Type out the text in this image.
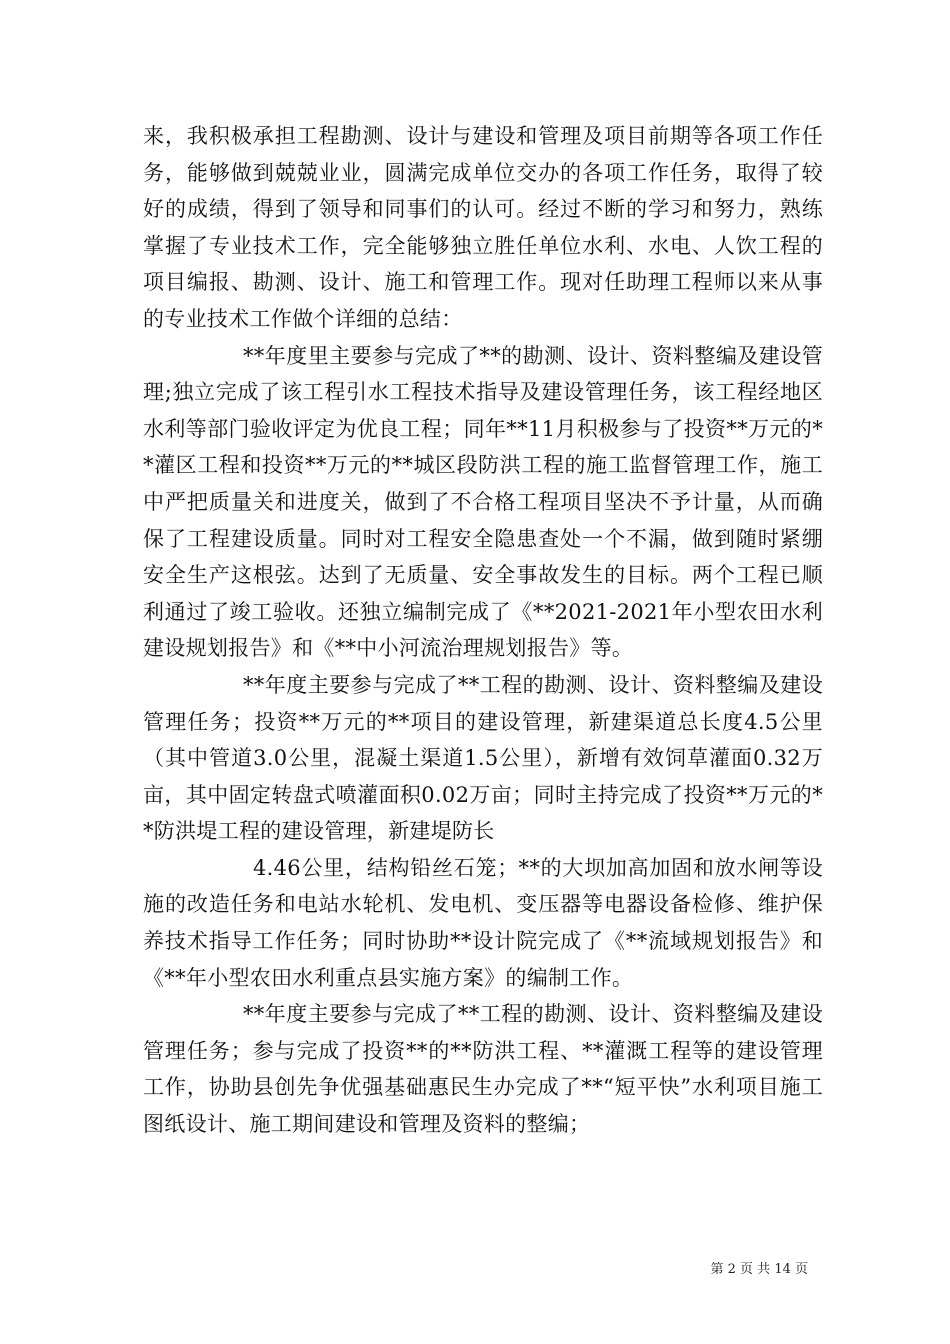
来，我积极承担工程勘测、设计与建设和管理及项目前期等各项工作任务，能够做到兢兢业业，圆满完成单位交办的各项工作任务，取得了较好的成绩，得到了领导和同事们的认可。经过不断的学习和努力，熟练掌握了专业技术工作，完全能够独立胜任单位水利、水电、人饮工程的项目编报、勘测、设计、施工和管理工作。现对任助理工程师以来从事的专业技术工作做个详细的总结：

**年度里主要参与完成了**的勘测、设计、资料整编及建设管理;独立完成了该工程引水工程技术指导及建设管理任务，该工程经地区水利等部门验收评定为优良工程；同年**11月积极参与了投资**万元的**灌区工程和投资**万元的**城区段防洪工程的施工监督管理工作，施工中严把质量关和进度关，做到了不合格工程项目坚决不予计量，从而确保了工程建设质量。同时对工程安全隐患查处一个不漏，做到随时紧绷安全生产这根弦。达到了无质量、安全事故发生的目标。两个工程已顺利通过了竣工验收。还独立编制完成了《**2021-2021年小型农田水利建设规划报告》和《**中小河流治理规划报告》等。

**年度主要参与完成了**工程的勘测、设计、资料整编及建设管理任务；投资**万元的**项目的建设管理，新建渠道总长度4.5公里（其中管道3.0公里，混凝土渠道1.5公里），新增有效饲草灌面0.32万亩，其中固定转盘式喷灌面积0.02万亩；同时主持完成了投资**万元的**防洪堤工程的建设管理，新建堤防长

4.46公里，结构铅丝石笼；**的大坝加高加固和放水闸等设施的改造任务和电站水轮机、发电机、变压器等电器设备检修、维护保养技术指导工作任务；同时协助**设计院完成了《**流域规划报告》和《**年小型农田水利重点县实施方案》的编制工作。

**年度主要参与完成了**工程的勘测、设计、资料整编及建设管理任务；参与完成了投资**的**防洪工程、**灌溉工程等的建设管理工作，协助县创先争优强基础惠民生办完成了**“短平快”水利项目施工图纸设计、施工期间建设和管理及资料的整编；

第 2 页 共 14 页
